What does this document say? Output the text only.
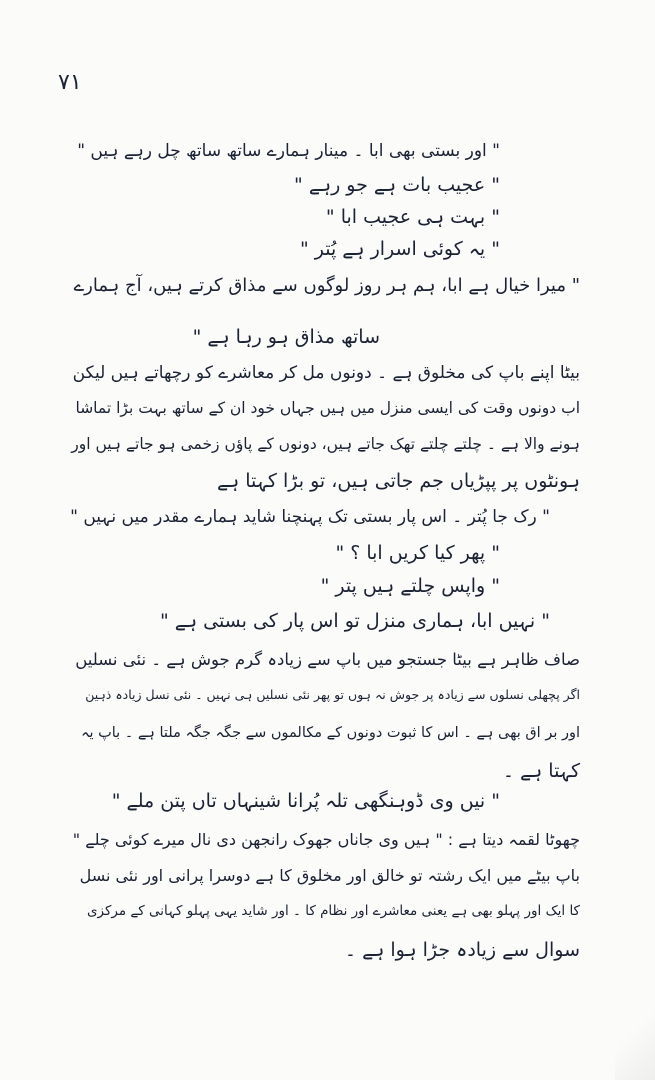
۷۱
" اور بستی بھی ابا ۔ مینار ہمارے ساتھ ساتھ چل رہے ہیں "
" عجیب بات ہے جو رہے "
" بہت ہی عجیب ابا "
" یہ کوئی اسرار ہے پُتر "
" میرا خیال ہے ابا، ہم ہر روز لوگوں سے مذاق کرتے ہیں، آج ہمارے
ساتھ مذاق ہو رہا ہے "
بیٹا اپنے باپ کی مخلوق ہے ۔ دونوں مل کر معاشرے کو رچھاتے ہیں لیکن
اب دونوں وقت کی ایسی منزل میں ہیں جہاں خود ان کے ساتھ بہت بڑا تماشا
ہونے والا ہے ۔ چلتے چلتے تھک جاتے ہیں، دونوں کے پاؤں زخمی ہو جاتے ہیں اور
ہونٹوں پر پپڑیاں جم جاتی ہیں، تو بڑا کہتا ہے
" رک جا پُتر ۔ اس پار بستی تک پہنچنا شاید ہمارے مقدر میں نہیں "
" پھر کیا کریں ابا ؟ "
" واپس چلتے ہیں پتر "
" نہیں ابا، ہماری منزل تو اس پار کی بستی ہے "
صاف ظاہر ہے بیٹا جستجو میں باپ سے زیادہ گرم جوش ہے ۔ نئی نسلیں
اگر پچھلی نسلوں سے زیادہ پر جوش نہ ہوں تو پھر نئی نسلیں ہی نہیں ۔ نئی نسل زیادہ ذہین
اور بر اق بھی ہے ۔ اس کا ثبوت دونوں کے مکالموں سے جگہ جگہ ملتا ہے ۔ باپ یہ
کہتا ہے ۔
" نیں وی ڈوہنگھی تلہ پُرانا شینہاں تاں پتن ملے "
چھوٹا لقمہ دیتا ہے : " ہیں وی جاناں جھوک رانجھن دی نال میرے کوئی چلے "
باپ بیٹے میں ایک رشتہ تو خالق اور مخلوق کا ہے دوسرا پرانی اور نئی نسل
کا ایک اور پہلو بھی ہے یعنی معاشرے اور نظام کا ۔ اور شاید یہی پہلو کہانی کے مرکزی
سوال سے زیادہ جڑا ہوا ہے ۔
